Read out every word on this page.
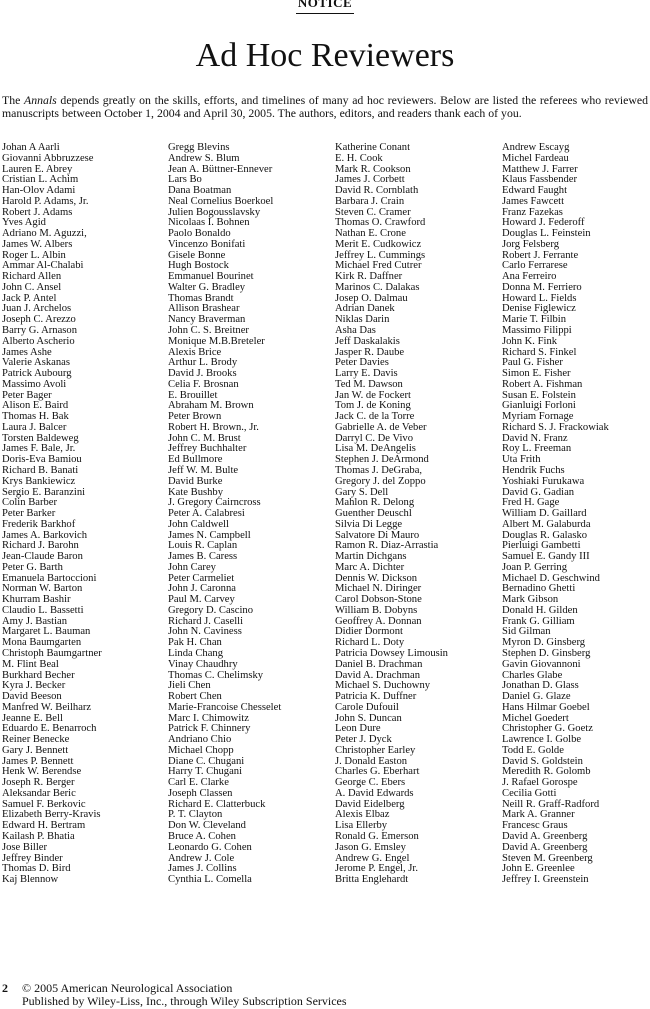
NOTICE
Ad Hoc Reviewers

The Annals depends greatly on the skills, efforts, and timelines of many ad hoc reviewers. Below are listed the referees who reviewed manuscripts between October 1, 2004 and April 30, 2005. The authors, editors, and readers thank each of you.

Johan A Aarli
Giovanni Abbruzzese
Lauren E. Abrey
Cristian L. Achim
Han-Olov Adami
Harold P. Adams, Jr.
Robert J. Adams
Yves Agid
Adriano M. Aguzzi,
James W. Albers
Roger L. Albin
Ammar Al-Chalabi
Richard Allen
John C. Ansel
Jack P. Antel
Juan J. Archelos
Joseph C. Arezzo
Barry G. Arnason
Alberto Ascherio
James Ashe
Valerie Askanas
Patrick Aubourg
Massimo Avoli
Peter Bager
Alison E. Baird
Thomas H. Bak
Laura J. Balcer
Torsten Baldeweg
James F. Bale, Jr.
Doris-Eva Bamiou
Richard B. Banati
Krys Bankiewicz
Sergio E. Baranzini
Colin Barber
Peter Barker
Frederik Barkhof
James A. Barkovich
Richard J. Barohn
Jean-Claude Baron
Peter G. Barth
Emanuela Bartoccioni
Norman W. Barton
Khurram Bashir
Claudio L. Bassetti
Amy J. Bastian
Margaret L. Bauman
Mona Baumgarten
Christoph Baumgartner
M. Flint Beal
Burkhard Becher
Kyra J. Becker
David Beeson
Manfred W. Beilharz
Jeanne E. Bell
Eduardo E. Benarroch
Reiner Benecke
Gary J. Bennett
James P. Bennett
Henk W. Berendse
Joseph R. Berger
Aleksandar Beric
Samuel F. Berkovic
Elizabeth Berry-Kravis
Edward H. Bertram
Kailash P. Bhatia
Jose Biller
Jeffrey Binder
Thomas D. Bird
Kaj Blennow
Gregg Blevins
Andrew S. Blum
Jean A. Büttner-Ennever
Lars Bo
Dana Boatman
Neal Cornelius Boerkoel
Julien Bogousslavsky
Nicolaas I. Bohnen
Paolo Bonaldo
Vincenzo Bonifati
Gisele Bonne
Hugh Bostock
Emmanuel Bourinet
Walter G. Bradley
Thomas Brandt
Allison Brashear
Nancy Braverman
John C. S. Breitner
Monique M.B.Breteler
Alexis Brice
Arthur L. Brody
David J. Brooks
Celia F. Brosnan
E. Brouillet
Abraham M. Brown
Peter Brown
Robert H. Brown., Jr.
John C. M. Brust
Jeffrey Buchhalter
Ed Bullmore
Jeff W. M. Bulte
David Burke
Kate Bushby
J. Gregory Cairncross
Peter A. Calabresi
John Caldwell
James N. Campbell
Louis R. Caplan
James B. Caress
John Carey
Peter Carmeliet
John J. Caronna
Paul M. Carvey
Gregory D. Cascino
Richard J. Caselli
John N. Caviness
Pak H. Chan
Linda Chang
Vinay Chaudhry
Thomas C. Chelimsky
Jieli Chen
Robert Chen
Marie-Francoise Chesselet
Marc I. Chimowitz
Patrick F. Chinnery
Andriano Chio
Michael Chopp
Diane C. Chugani
Harry T. Chugani
Carl E. Clarke
Joseph Classen
Richard E. Clatterbuck
P. T. Clayton
Don W. Cleveland
Bruce A. Cohen
Leonardo G. Cohen
Andrew J. Cole
James J. Collins
Cynthia L. Comella
Katherine Conant
E. H. Cook
Mark R. Cookson
James J. Corbett
David R. Cornblath
Barbara J. Crain
Steven C. Cramer
Thomas O. Crawford
Nathan E. Crone
Merit E. Cudkowicz
Jeffrey L. Cummings
Michael Fred Cutrer
Kirk R. Daffner
Marinos C. Dalakas
Josep O. Dalmau
Adrian Danek
Niklas Darin
Asha Das
Jeff Daskalakis
Jasper R. Daube
Peter Davies
Larry E. Davis
Ted M. Dawson
Jan W. de Fockert
Tom J. de Koning
Jack C. de la Torre
Gabrielle A. de Veber
Darryl C. De Vivo
Lisa M. DeAngelis
Stephen J. DeArmond
Thomas J. DeGraba,
Gregory J. del Zoppo
Gary S. Dell
Mahlon R. Delong
Guenther Deuschl
Silvia Di Legge
Salvatore Di Mauro
Ramon R. Diaz-Arrastia
Martin Dichgans
Marc A. Dichter
Dennis W. Dickson
Michael N. Diringer
Carol Dobson-Stone
William B. Dobyns
Geoffrey A. Donnan
Didier Dormont
Richard L. Doty
Patricia Dowsey Limousin
Daniel B. Drachman
David A. Drachman
Michael S. Duchowny
Patricia K. Duffner
Carole Dufouil
John S. Duncan
Leon Dure
Peter J. Dyck
Christopher Earley
J. Donald Easton
Charles G. Eberhart
George C. Ebers
A. David Edwards
David Eidelberg
Alexis Elbaz
Lisa Ellerby
Ronald G. Emerson
Jason G. Emsley
Andrew G. Engel
Jerome P. Engel, Jr.
Britta Englehardt
Andrew Escayg
Michel Fardeau
Matthew J. Farrer
Klaus Fassbender
Edward Faught
James Fawcett
Franz Fazekas
Howard J. Federoff
Douglas L. Feinstein
Jorg Felsberg
Robert J. Ferrante
Carlo Ferrarese
Ana Ferreiro
Donna M. Ferriero
Howard L. Fields
Denise Figlewicz
Marie T. Filbin
Massimo Filippi
John K. Fink
Richard S. Finkel
Paul G. Fisher
Simon E. Fisher
Robert A. Fishman
Susan E. Folstein
Gianluigi Forloni
Myriam Fornage
Richard S. J. Frackowiak
David N. Franz
Roy L. Freeman
Uta Frith
Hendrik Fuchs
Yoshiaki Furukawa
David G. Gadian
Fred H. Gage
William D. Gaillard
Albert M. Galaburda
Douglas R. Galasko
Pierluigi Gambetti
Samuel E. Gandy III
Joan P. Gerring
Michael D. Geschwind
Bernadino Ghetti
Mark Gibson
Donald H. Gilden
Frank G. Gilliam
Sid Gilman
Myron D. Ginsberg
Stephen D. Ginsberg
Gavin Giovannoni
Charles Glabe
Jonathan D. Glass
Daniel G. Glaze
Hans Hilmar Goebel
Michel Goedert
Christopher G. Goetz
Lawrence I. Golbe
Todd E. Golde
David S. Goldstein
Meredith R. Golomb
J. Rafael Gorospe
Cecilia Gotti
Neill R. Graff-Radford
Mark A. Granner
Francesc Graus
David A. Greenberg
David A. Greenberg
Steven M. Greenberg
John E. Greenlee
Jeffrey I. Greenstein
2 © 2005 American Neurological Association
Published by Wiley-Liss, Inc., through Wiley Subscription Services
